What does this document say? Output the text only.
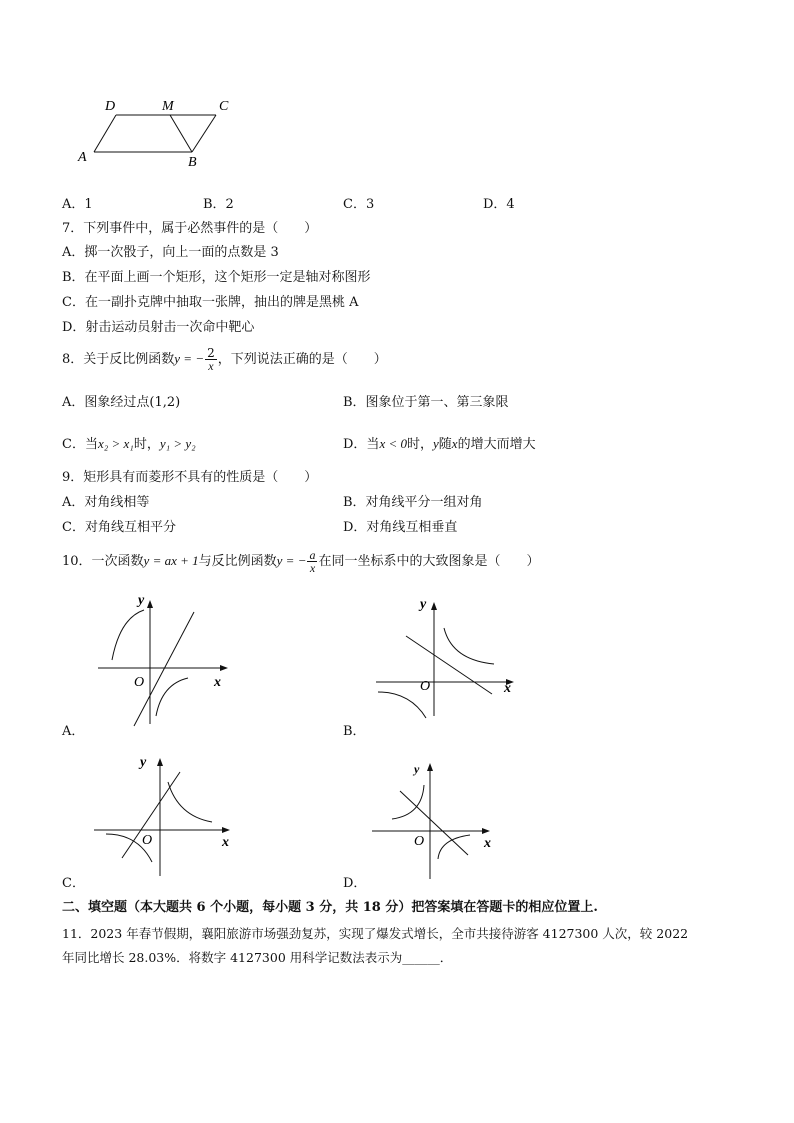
D	M	C
A	B
A．1	B．2	C．3	D．4
7．下列事件中，属于必然事件的是（　　）
A．掷一次骰子，向上一面的点数是 3
B．在平面上画一个矩形，这个矩形一定是轴对称图形
C．在一副扑克牌中抽取一张牌，抽出的牌是黑桃 A
D．射击运动员射击一次命中靶心
8．关于反比例函数y = − $\frac{2}{x}$ ，下列说法正确的是（　　）
A．图象经过点(1,2)	B．图象位于第一、第三象限
C．当x₂ > x₁时，y₁ > y₂	D．当x < 0时，y随x的增大而增大
9．矩形具有而菱形不具有的性质是（　　）
A．对角线相等	B．对角线平分一组对角
C．对角线互相平分	D．对角线互相垂直
10．一次函数y = ax + 1与反比例函数y = − $\frac{a}{x}$ 在同一坐标系中的大致图象是（　　）
y
x
O
A．
y
x
O
B．
y
x
O
C．
y
x
O
D．
二、填空题（本大题共 6 个小题，每小题 3 分，共 18 分）把答案填在答题卡的相应位置上.
11．2023 年春节假期，襄阳旅游市场强劲复苏，实现了爆发式增长，全市共接待游客 4127300 人次，较 2022
年同比增长 28.03%．将数字 4127300 用科学记数法表示为______．
